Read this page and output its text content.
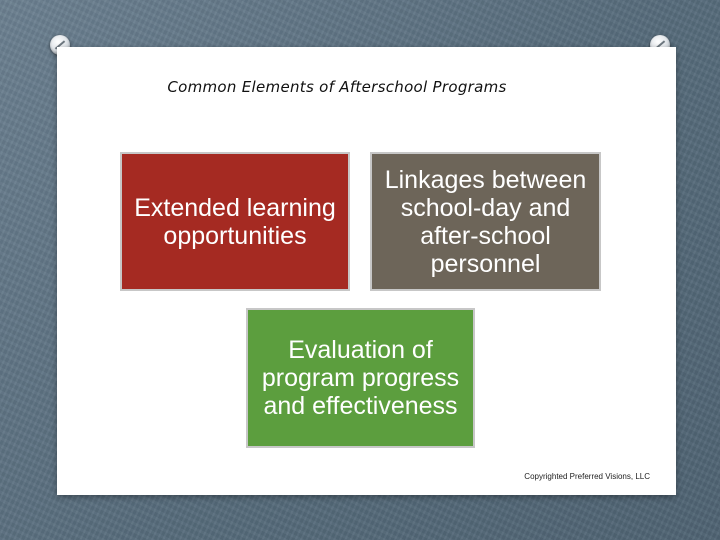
Common Elements of Afterschool Programs
Extended learning opportunities
Linkages between school-day and after-school personnel
Evaluation of program progress and effectiveness
Copyrighted Preferred Visions, LLC
